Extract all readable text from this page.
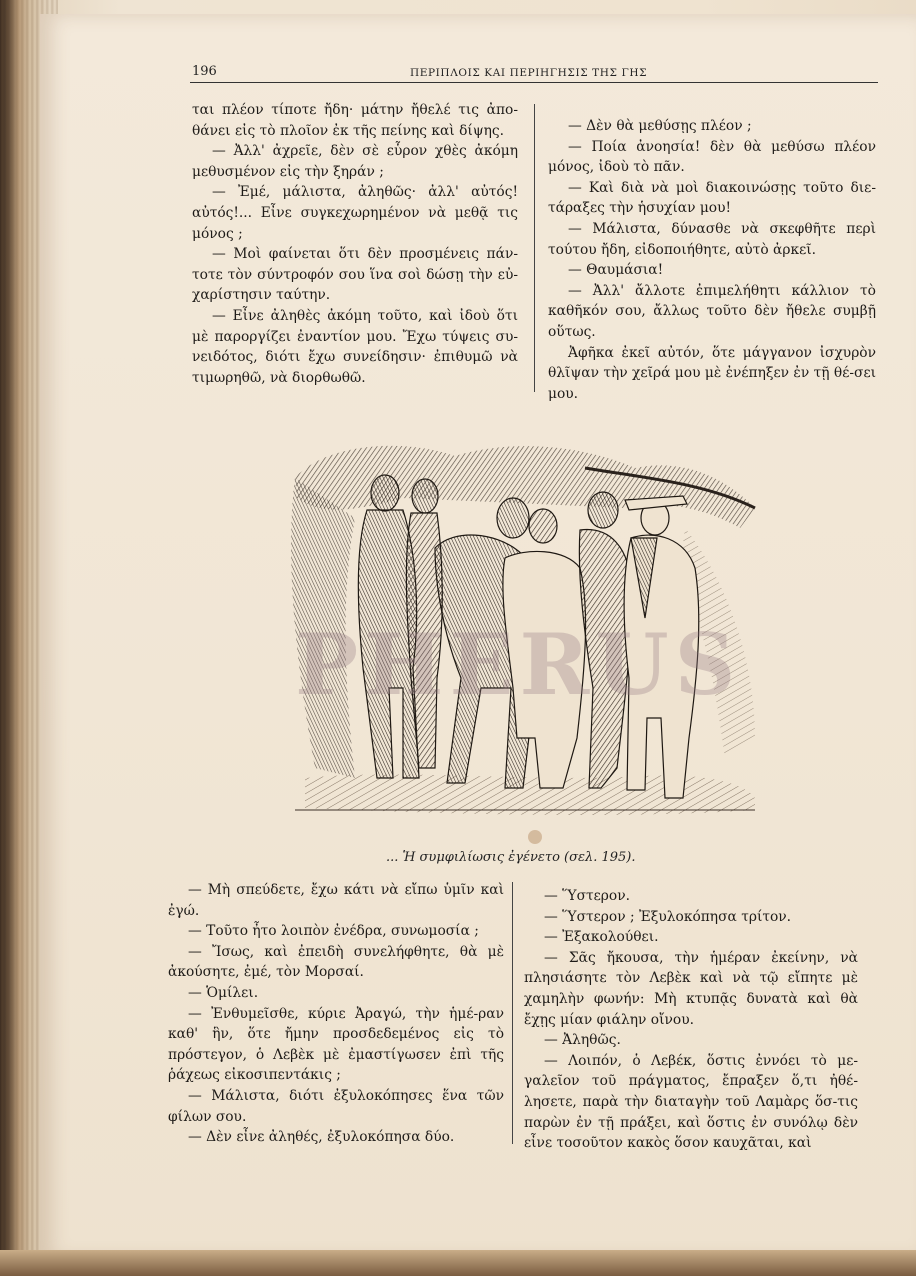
196	ΠΕΡΙΠΛΟΙΣ ΚΑΙ ΠΕΡΙΗΓΗΣΙΣ ΤΗΣ ΓΗΣ

ται πλέον τίποτε ἤδη· μάτην ἤθελέ τις ἀπο-θάνει εἰς τὸ πλοῖον ἐκ τῆς πείνης καὶ δίψης.

— Ἀλλ' ἀχρεῖε, δὲν σὲ εὗρον χθὲς ἀκόμη μεθυσμένον εἰς τὴν ξηράν ;

— Ἐμέ, μάλιστα, ἀληθῶς· ἀλλ' αὐτός! αὐτός!... Εἶνε συγκεχωρημένον νὰ μεθᾷ τις μόνος ;

— Μοὶ φαίνεται ὅτι δὲν προσμένεις πάν-τοτε τὸν σύντροφόν σου ἵνα σοὶ δώσῃ τὴν εὐ-χαρίστησιν ταύτην.

— Εἶνε ἀληθὲς ἀκόμη τοῦτο, καὶ ἰδοὺ ὅτι μὲ παροργίζει ἐναντίον μου. Ἔχω τύψεις συ-νειδότος, διότι ἔχω συνείδησιν· ἐπιθυμῶ νὰ τιμωρηθῶ, νὰ διορθωθῶ.

— Δὲν θὰ μεθύσῃς πλέον ;

— Ποία ἀνοησία! δὲν θὰ μεθύσω πλέον μόνος, ἰδοὺ τὸ πᾶν.

— Καὶ διὰ νὰ μοὶ διακοινώσῃς τοῦτο διε-τάραξες τὴν ἡσυχίαν μου!

— Μάλιστα, δύνασθε νὰ σκεφθῆτε περὶ τούτου ἤδη, εἰδοποιήθητε, αὐτὸ ἀρκεῖ.

— Θαυμάσια!

— Ἀλλ' ἄλλοτε ἐπιμελήθητι κάλλιον τὸ καθῆκόν σου, ἄλλως τοῦτο δὲν ἤθελε συμβῇ οὕτως.

Ἀφῆκα ἐκεῖ αὐτόν, ὅτε μάγγανον ἰσχυρὸν θλῖψαν τὴν χεῖρά μου μὲ ἐνέπηξεν ἐν τῇ θέ-σει μου.

PHERUS
... Ἡ συμφιλίωσις ἐγένετο (σελ. 195).

— Μὴ σπεύδετε, ἔχω κάτι νὰ εἴπω ὑμῖν καὶ ἐγώ.

— Τοῦτο ἦτο λοιπὸν ἐνέδρα, συνωμοσία ;

— Ἴσως, καὶ ἐπειδὴ συνελήφθητε, θὰ μὲ ἀκούσητε, ἐμέ, τὸν Μορσαί.

— Ὁμίλει.

— Ἐνθυμεῖσθε, κύριε Ἀραγώ, τὴν ἡμέ-ραν καθ' ἣν, ὅτε ἤμην προσδεδεμένος εἰς τὸ πρόστεγον, ὁ Λεβὲκ μὲ ἐμαστίγωσεν ἐπὶ τῆς ῥάχεως εἰκοσιπεντάκις ;

— Μάλιστα, διότι ἐξυλοκόπησες ἕνα τῶν φίλων σου.

— Δὲν εἶνε ἀληθές, ἐξυλοκόπησα δύο.

— Ὕστερον.

— Ὕστερον ; Ἐξυλοκόπησα τρίτον.

— Ἐξακολούθει.

— Σᾶς ἤκουσα, τὴν ἡμέραν ἐκείνην, νὰ πλησιάσητε τὸν Λεβὲκ καὶ νὰ τῷ εἴπητε μὲ χαμηλὴν φωνήν: Μὴ κτυπᾷς δυνατὰ καὶ θὰ ἔχῃς μίαν φιάλην οἴνου.

— Ἀληθῶς.

— Λοιπόν, ὁ Λεβέκ, ὅστις ἐννόει τὸ με-γαλεῖον τοῦ πράγματος, ἔπραξεν ὅ,τι ἠθέ-λησετε, παρὰ τὴν διαταγὴν τοῦ Λαμὰρς ὅσ-τις παρὼν ἐν τῇ πράξει, καὶ ὅστις ἐν συνόλῳ δὲν εἶνε τοσοῦτον κακὸς ὅσον καυχᾶται, καὶ
